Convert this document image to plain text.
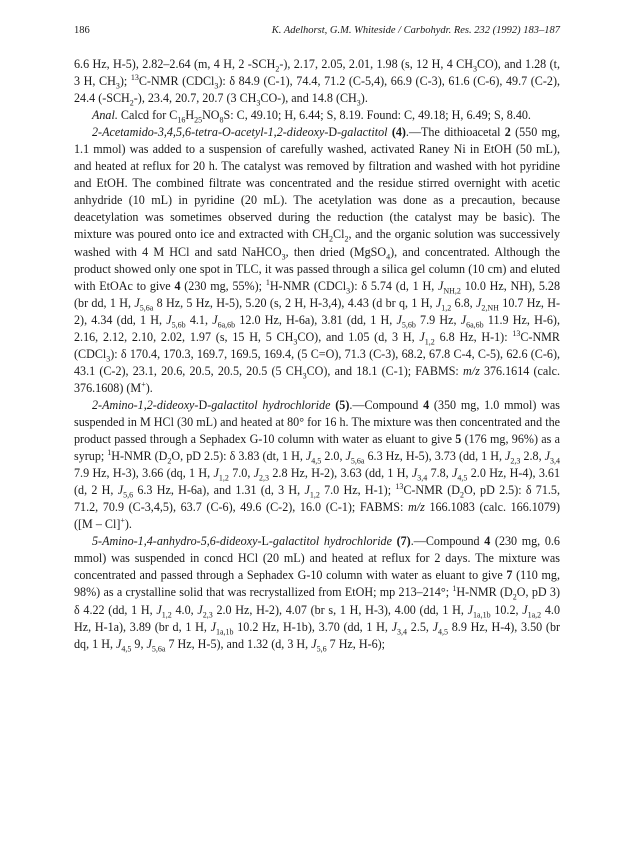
186	K. Adelhorst, G.M. Whiteside / Carbohydr. Res. 232 (1992) 183–187

6.6 Hz, H-5), 2.82–2.64 (m, 4 H, 2 $-SCH_2-$), 2.17, 2.05, 2.01, 1.98 (s, 12 H, 4 $CH_3CO$), and 1.28 (t, 3 H, $CH_3$); $^{13}$C-NMR (CDCl$_3$): δ 84.9 (C-1), 74.4, 71.2 (C-5,4), 66.9 (C-3), 61.6 (C-6), 49.7 (C-2), 24.4 $(-SCH_2-)$, 23.4, 20.7, 20.7 (3 $CH_3CO-$), and 14.8 $(CH_3)$.

Anal. Calcd for $C_{16}H_{25}NO_8S$: C, 49.10; H, 6.44; S, 8.19. Found: C, 49.18; H, 6.49; S, 8.40.

2-Acetamido-3,4,5,6-tetra-O-acetyl-1,2-dideoxy-D-galactitol (4).—The dithioacetal 2 (550 mg, 1.1 mmol) was added to a suspension of carefully washed, activated Raney Ni in EtOH (50 mL), and heated at reflux for 20 h. The catalyst was removed by filtration and washed with hot pyridine and EtOH. The combined filtrate was concentrated and the residue stirred overnight with acetic anhydride (10 mL) in pyridine (20 mL). The acetylation was done as a precaution, because deacetylation was sometimes observed during the reduction (the catalyst may be basic). The mixture was poured onto ice and extracted with $CH_2Cl_2$, and the organic solution was successively washed with 4 M HCl and satd NaHCO$_3$, then dried (MgSO$_4$), and concentrated. Although the product showed only one spot in TLC, it was passed through a silica gel column (10 cm) and eluted with EtOAc to give 4 (230 mg, 55%); $^1$H-NMR (CDCl$_3$): δ 5.74 (d, 1 H, $J_{NH,2}$ 10.0 Hz, NH), 5.28 (br dd, 1 H, $J_{5,6a}$ 8 Hz, 5 Hz, H-5), 5.20 (s, 2 H, H-3,4), 4.43 (d br q, 1 H, $J_{1,2}$ 6.8, $J_{2,NH}$ 10.7 Hz, H-2), 4.34 (dd, 1 H, $J_{5,6b}$ 4.1, $J_{6a,6b}$ 12.0 Hz, H-6a), 3.81 (dd, 1 H, $J_{5,6b}$ 7.9 Hz, $J_{6a,6b}$ 11.9 Hz, H-6), 2.16, 2.12, 2.10, 2.02, 1.97 (s, 15 H, 5 $CH_3CO$), and 1.05 (d, 3 H, $J_{1,2}$ 6.8 Hz, H-1): $^{13}$C-NMR (CDCl$_3$): δ 170.4, 170.3, 169.7, 169.5, 169.4, (5 C=O), 71.3 (C-3), 68.2, 67.8 C-4, C-5), 62.6 (C-6), 43.1 (C-2), 23.1, 20.6, 20.5, 20.5, 20.5 (5 $CH_3CO$), and 18.1 (C-1); FABMS: m/z 376.1614 (calc. 376.1608) (M+).

2-Amino-1,2-dideoxy-D-galactitol hydrochloride (5).—Compound 4 (350 mg, 1.0 mmol) was suspended in M HCl (30 mL) and heated at 80° for 16 h. The mixture was then concentrated and the product passed through a Sephadex G-10 column with water as eluant to give 5 (176 mg, 96%) as a syrup; $^1$H-NMR ($D_2O$, pD 2.5): δ 3.83 (dt, 1 H, $J_{4,5}$ 2.0, $J_{5,6a}$ 6.3 Hz, H-5), 3.73 (dd, 1 H, $J_{2,3}$ 2.8, $J_{3,4}$ 7.9 Hz, H-3), 3.66 (dq, 1 H, $J_{1,2}$ 7.0, $J_{2,3}$ 2.8 Hz, H-2), 3.63 (dd, 1 H, $J_{3,4}$ 7.8, $J_{4,5}$ 2.0 Hz, H-4), 3.61 (d, 2 H, $J_{5,6}$ 6.3 Hz, H-6a), and 1.31 (d, 3 H, $J_{1,2}$ 7.0 Hz, H-1); $^{13}$C-NMR ($D_2O$, pD 2.5): δ 71.5, 71.2, 70.9 (C-3,4,5), 63.7 (C-6), 49.6 (C-2), 16.0 (C-1); FABMS: m/z 166.1083 (calc. 166.1079) ([M – Cl]+).

5-Amino-1,4-anhydro-5,6-dideoxy-L-galactitol hydrochloride (7).—Compound 4 (230 mg, 0.6 mmol) was suspended in concd HCl (20 mL) and heated at reflux for 2 days. The mixture was concentrated and passed through a Sephadex G-10 column with water as eluant to give 7 (110 mg, 98%) as a crystalline solid that was recrystallized from EtOH; mp 213–214°; $^1$H-NMR ($D_2O$, pD 3) δ 4.22 (dd, 1 H, $J_{1,2}$ 4.0, $J_{2,3}$ 2.0 Hz, H-2), 4.07 (br s, 1 H, H-3), 4.00 (dd, 1 H, $J_{1a,1b}$ 10.2, $J_{1a,2}$ 4.0 Hz, H-1a), 3.89 (br d, 1 H, $J_{1a,1b}$ 10.2 Hz, H-1b), 3.70 (dd, 1 H, $J_{3,4}$ 2.5, $J_{4,5}$ 8.9 Hz, H-4), 3.50 (br dq, 1 H, $J_{4,5}$ 9, $J_{5,6a}$ 7 Hz, H-5), and 1.32 (d, 3 H, $J_{5,6}$ 7 Hz, H-6);
